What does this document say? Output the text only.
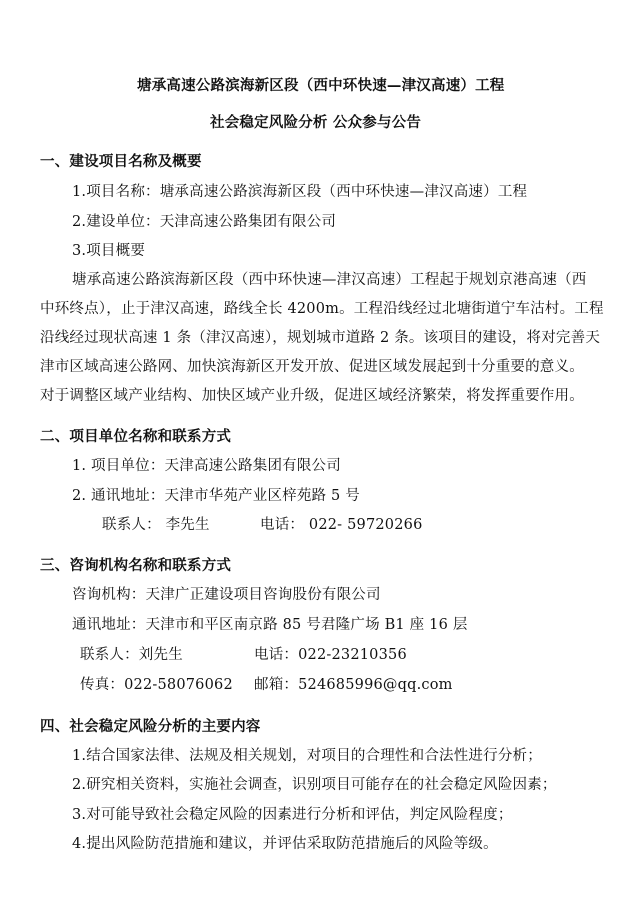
塘承高速公路滨海新区段（西中环快速—津汉高速）工程
社会稳定风险分析 公众参与公告
一、建设项目名称及概要
1.项目名称：塘承高速公路滨海新区段（西中环快速—津汉高速）工程
2.建设单位：天津高速公路集团有限公司
3.项目概要
塘承高速公路滨海新区段（西中环快速—津汉高速）工程起于规划京港高速（西
中环终点），止于津汉高速，路线全长 4200m。工程沿线经过北塘街道宁车沽村。工程
沿线经过现状高速 1 条（津汉高速），规划城市道路 2 条。该项目的建设，将对完善天
津市区域高速公路网、加快滨海新区开发开放、促进区域发展起到十分重要的意义。
对于调整区域产业结构、加快区域产业升级，促进区域经济繁荣，将发挥重要作用。
二、项目单位名称和联系方式
1. 项目单位：天津高速公路集团有限公司
2. 通讯地址：天津市华苑产业区梓苑路 5 号
联系人： 李先生	电话： 022- 59720266
三、咨询机构名称和联系方式
咨询机构：天津广正建设项目咨询股份有限公司
通讯地址：天津市和平区南京路 85 号君隆广场 B1 座 16 层
联系人：刘先生	电话：022-23210356
传真：022-58076062 邮箱：524685996@qq.com
四、社会稳定风险分析的主要内容
1.结合国家法律、法规及相关规划，对项目的合理性和合法性进行分析；
2.研究相关资料，实施社会调查，识别项目可能存在的社会稳定风险因素；
3.对可能导致社会稳定风险的因素进行分析和评估，判定风险程度；
4.提出风险防范措施和建议，并评估采取防范措施后的风险等级。
